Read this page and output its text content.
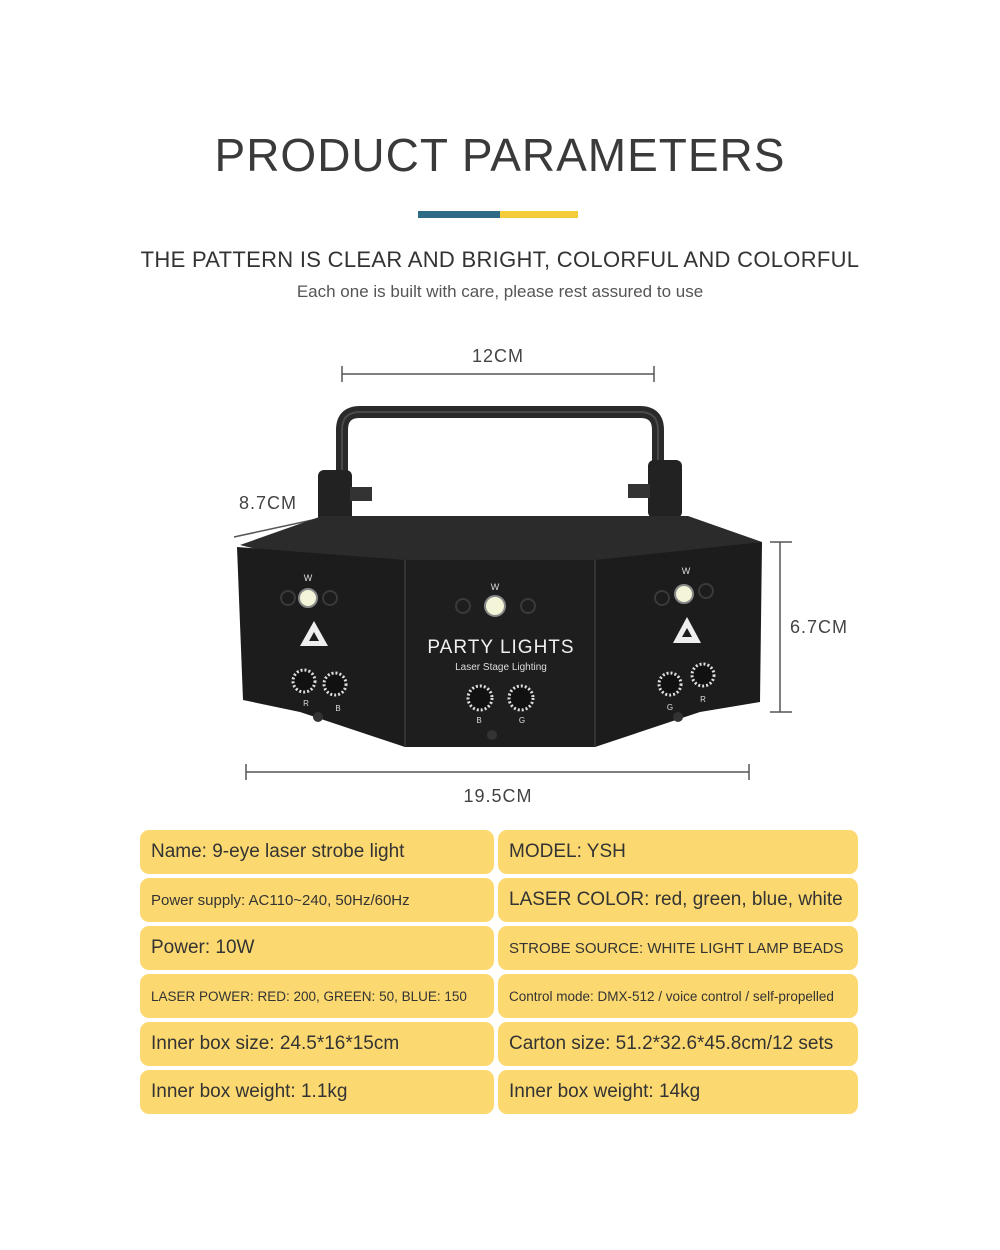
PRODUCT PARAMETERS
THE PATTERN IS CLEAR AND BRIGHT, COLORFUL AND COLORFUL
Each one is built with care, please rest assured to use
12CM
8.7CM
6.7CM
19.5CM
W
R
B
W
PARTY LIGHTS
Laser Stage Lighting
B	G
W
G
R
Name: 9-eye laser strobe light	MODEL: YSH
Power supply: AC110~240, 50Hz/60Hz	LASER COLOR: red, green, blue, white
Power: 10W	STROBE SOURCE: WHITE LIGHT LAMP BEADS
LASER POWER: RED: 200, GREEN: 50, BLUE: 150	Control mode: DMX-512 / voice control / self-propelled
Inner box size: 24.5*16*15cm	Carton size: 51.2*32.6*45.8cm/12 sets
Inner box weight: 1.1kg	Inner box weight: 14kg
